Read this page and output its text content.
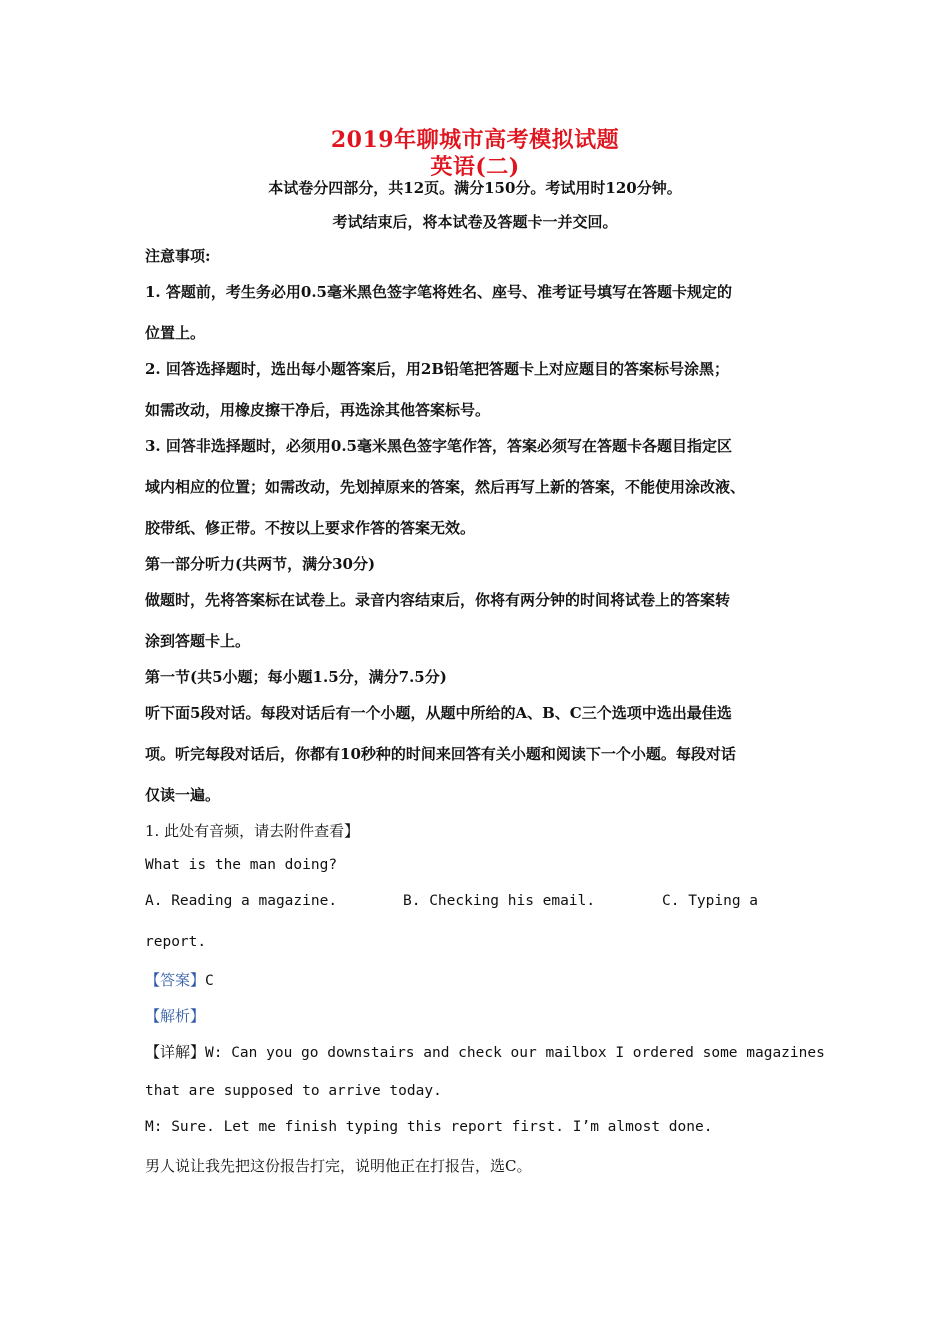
2019年聊城市高考模拟试题
英语(二)
本试卷分四部分，共12页。满分150分。考试用时120分钟。
考试结束后，将本试卷及答题卡一并交回。
注意事项:
1. 答题前，考生务必用0.5毫米黑色签字笔将姓名、座号、准考证号填写在答题卡规定的
位置上。
2. 回答选择题时，选出每小题答案后，用2B铅笔把答题卡上对应题目的答案标号涂黑；
如需改动，用橡皮擦干净后，再选涂其他答案标号。
3. 回答非选择题时，必须用0.5毫米黑色签字笔作答，答案必须写在答题卡各题目指定区
域内相应的位置；如需改动，先划掉原来的答案，然后再写上新的答案，不能使用涂改液、
胶带纸、修正带。不按以上要求作答的答案无效。
第一部分听力(共两节，满分30分)
做题时，先将答案标在试卷上。录音内容结束后，你将有两分钟的时间将试卷上的答案转
涂到答题卡上。
第一节(共5小题；每小题1.5分，满分7.5分)
听下面5段对话。每段对话后有一个小题，从题中所给的A、B、C三个选项中选出最佳选
项。听完每段对话后，你都有10秒种的时间来回答有关小题和阅读下一个小题。每段对话
仅读一遍。
1. 此处有音频，请去附件查看】
What is the man doing?
A. Reading a magazine.	B. Checking his email.	C. Typing a
report.
【答案】C
【解析】
【详解】W: Can you go downstairs and check our mailbox I ordered some magazines
that are supposed to arrive today.
M: Sure. Let me finish typing this report first. I’m almost done.
男人说让我先把这份报告打完，说明他正在打报告，选C。
